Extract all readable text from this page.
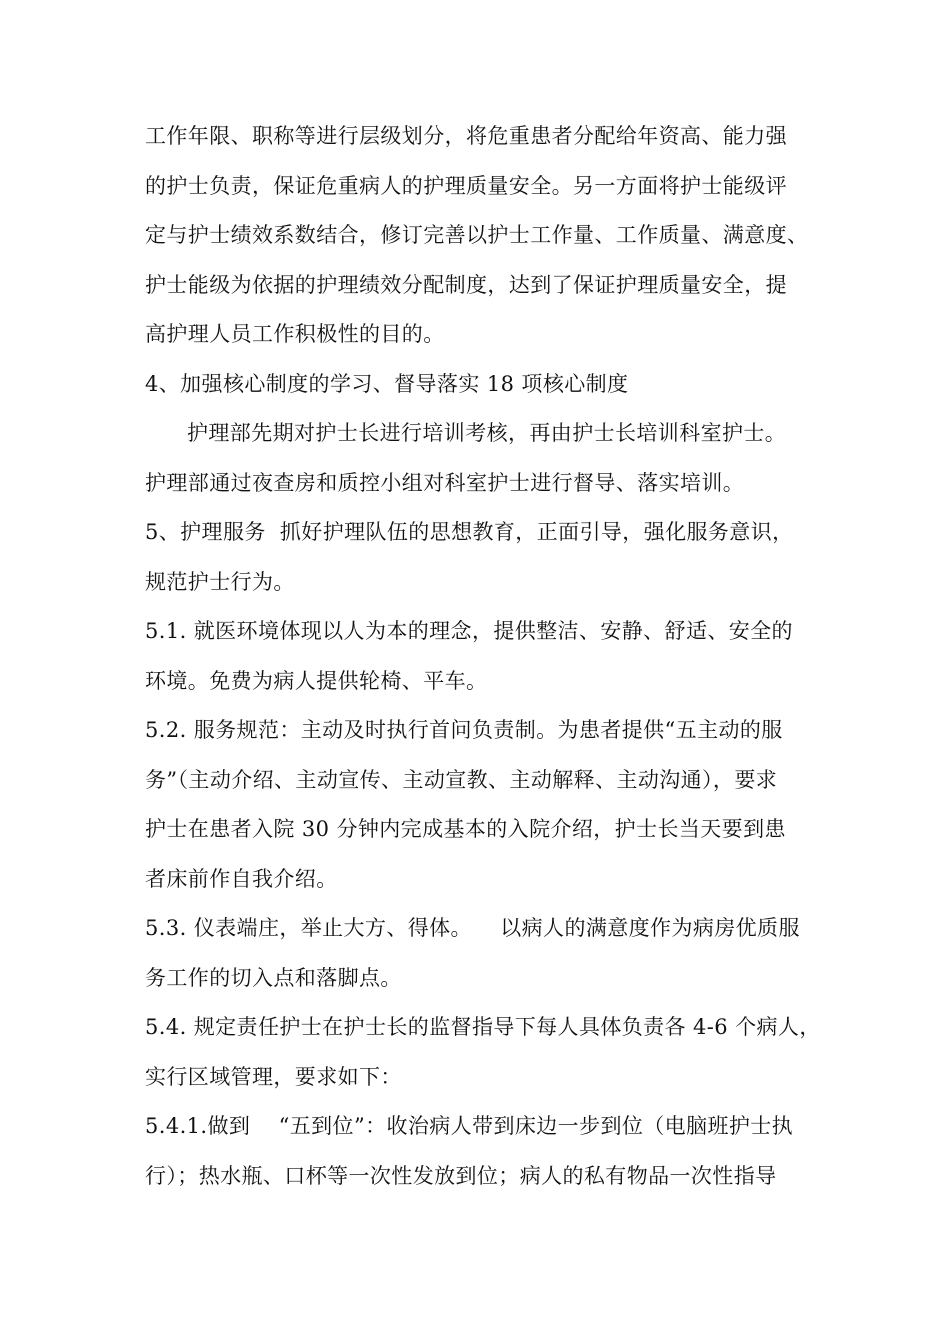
工作年限、职称等进行层级划分，将危重患者分配给年资高、能力强
的护士负责，保证危重病人的护理质量安全。另一方面将护士能级评
定与护士绩效系数结合，修订完善以护士工作量、工作质量、满意度、
护士能级为依据的护理绩效分配制度，达到了保证护理质量安全，提
高护理人员工作积极性的目的。
4、加强核心制度的学习、督导落实 18 项核心制度
护理部先期对护士长进行培训考核，再由护士长培训科室护士。
护理部通过夜查房和质控小组对科室护士进行督导、落实培训。
5、护理服务  抓好护理队伍的思想教育，正面引导，强化服务意识，
规范护士行为。
5.1. 就医环境体现以人为本的理念，提供整洁、安静、舒适、安全的
环境。免费为病人提供轮椅、平车。
5.2. 服务规范：主动及时执行首问负责制。为患者提供“五主动的服
务”（主动介绍、主动宣传、主动宣教、主动解释、主动沟通），要求
护士在患者入院 30 分钟内完成基本的入院介绍，护士长当天要到患
者床前作自我介绍。
5.3. 仪表端庄，举止大方、得体。    以病人的满意度作为病房优质服
务工作的切入点和落脚点。
5.4. 规定责任护士在护士长的监督指导下每人具体负责各 4-6 个病人，
实行区域管理，要求如下：
5.4.1.做到    “五到位”：收治病人带到床边一步到位（电脑班护士执
行）；热水瓶、口杯等一次性发放到位；病人的私有物品一次性指导
